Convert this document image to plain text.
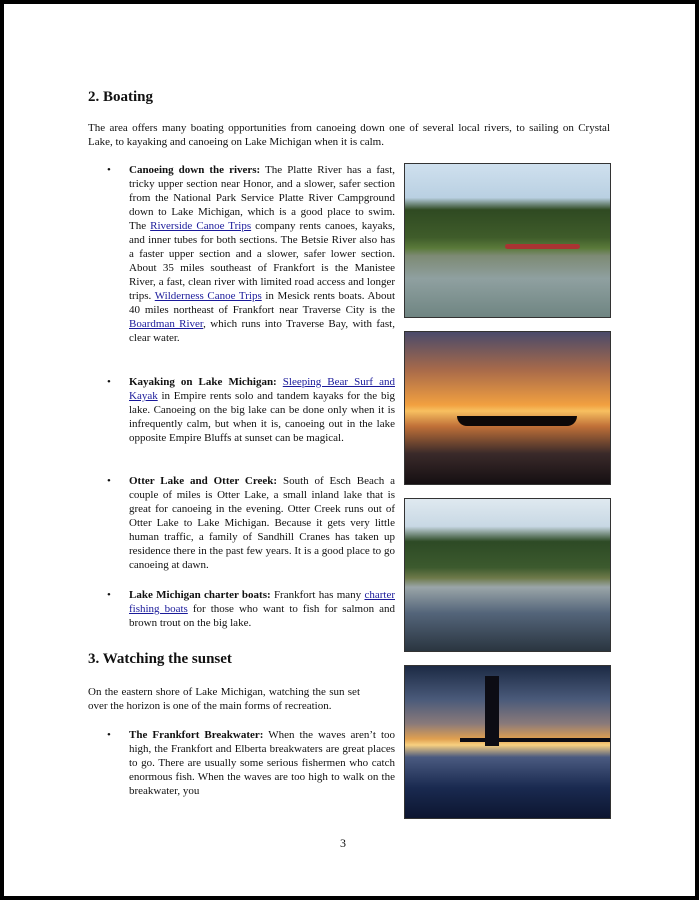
2. Boating

The area offers many boating opportunities from canoeing down one of several local rivers, to sailing on Crystal Lake, to kayaking and canoeing on Lake Michigan when it is calm.

• Canoeing down the rivers: The Platte River has a fast, tricky upper section near Honor, and a slower, safer section from the National Park Service Platte River Campground down to Lake Michigan, which is a good place to swim. The Riverside Canoe Trips company rents canoes, kayaks, and inner tubes for both sections. The Betsie River also has a faster upper section and a slower, safer lower section. About 35 miles southeast of Frankfort is the Manistee River, a fast, clean river with limited road access and longer trips. Wilderness Canoe Trips in Mesick rents boats. About 40 miles northeast of Frankfort near Traverse City is the Boardman River, which runs into Traverse Bay, with fast, clear water.
• Kayaking on Lake Michigan: Sleeping Bear Surf and Kayak in Empire rents solo and tandem kayaks for the big lake. Canoeing on the big lake can be done only when it is infrequently calm, but when it is, canoeing out in the lake opposite Empire Bluffs at sunset can be magical.
• Otter Lake and Otter Creek: South of Esch Beach a couple of miles is Otter Lake, a small inland lake that is great for canoeing in the evening. Otter Creek runs out of Otter Lake to Lake Michigan. Because it gets very little human traffic, a family of Sandhill Cranes has taken up residence there in the past few years. It is a good place to go canoeing at dawn.
• Lake Michigan charter boats: Frankfort has many charter fishing boats for those who want to fish for salmon and brown trout on the big lake.
3. Watching the sunset

On the eastern shore of Lake Michigan, watching the sun set over the horizon is one of the main forms of recreation.

• The Frankfort Breakwater: When the waves aren’t too high, the Frankfort and Elberta breakwaters are great places to go. There are usually some serious fishermen who catch enormous fish. When the waves are too high to walk on the breakwater, you
3
